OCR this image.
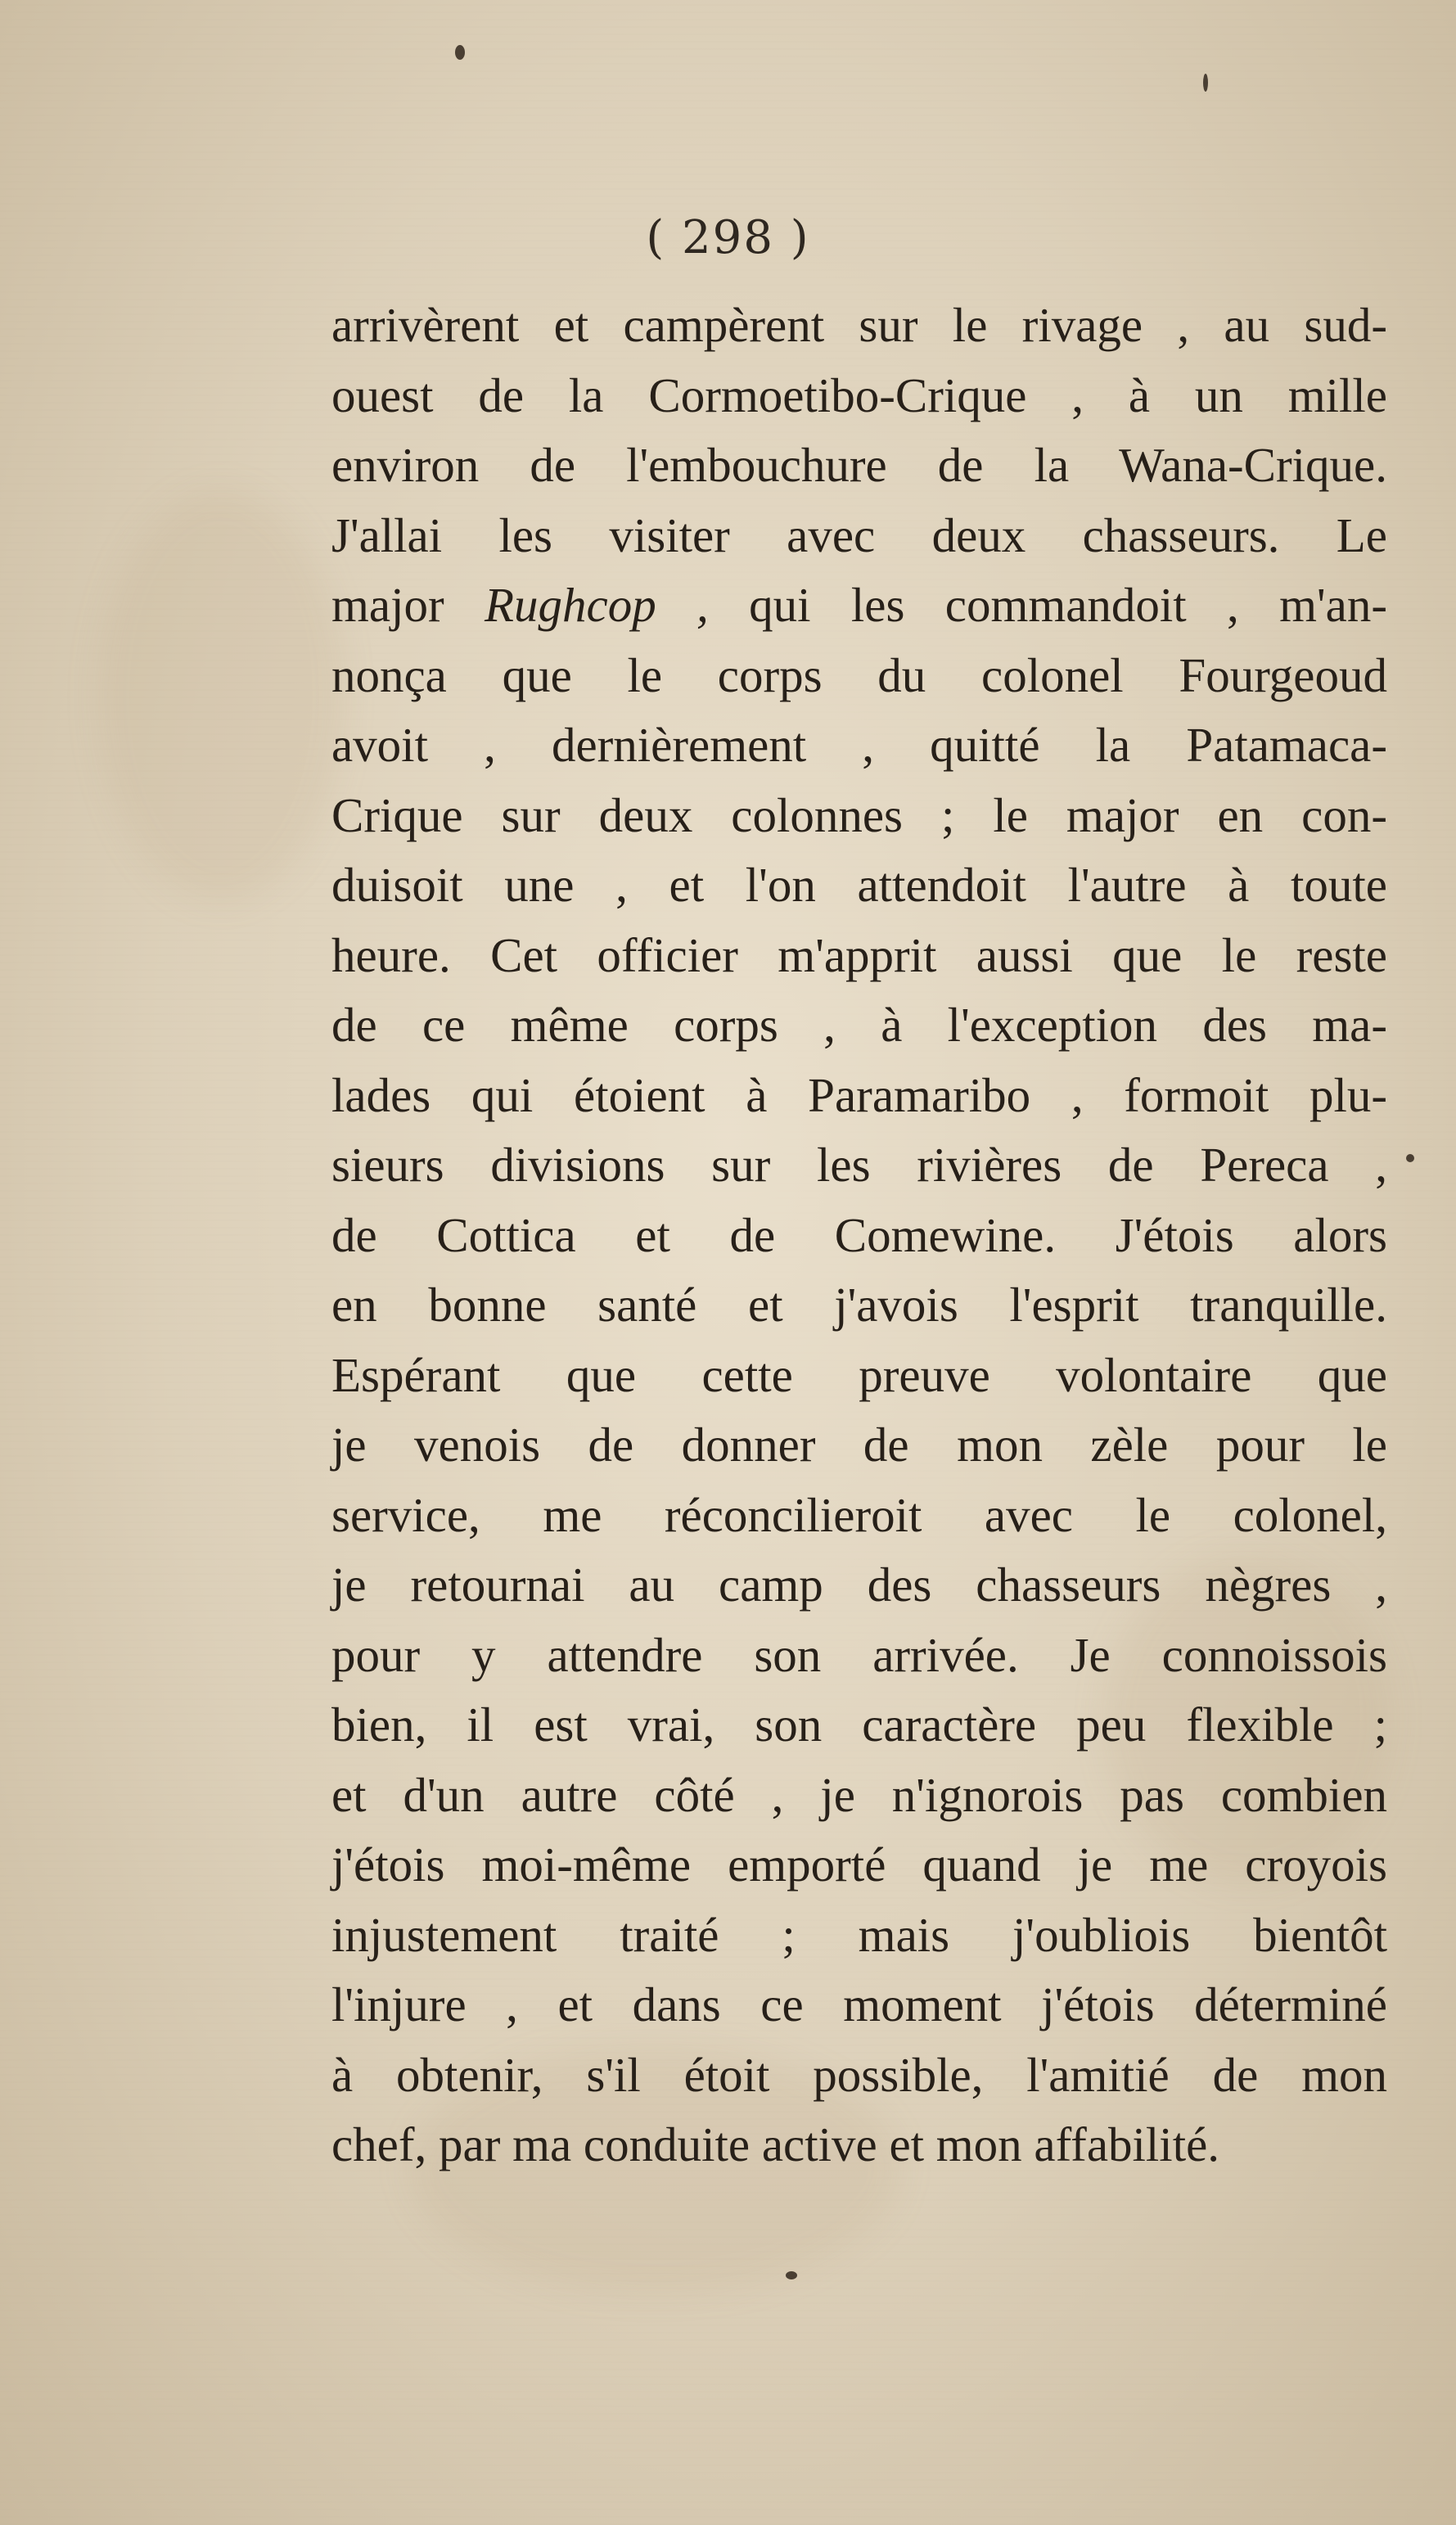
( 298 )
arrivèrent et campèrent sur le rivage , au sud-
ouest de la Cormoetibo-Crique , à un mille
environ de l'embouchure de la Wana-Crique.
J'allai les visiter avec deux chasseurs. Le
major Rughcop , qui les commandoit , m'an-
nonça que le corps du colonel Fourgeoud
avoit , dernièrement , quitté la Patamaca-
Crique sur deux colonnes ; le major en con-
duisoit une , et l'on attendoit l'autre à toute
heure. Cet officier m'apprit aussi que le reste
de ce même corps , à l'exception des ma-
lades qui étoient à Paramaribo , formoit plu-
sieurs divisions sur les rivières de Pereca ,
de Cottica et de Comewine. J'étois alors
en bonne santé et j'avois l'esprit tranquille.
Espérant que cette preuve volontaire que
je venois de donner de mon zèle pour le
service, me réconcilieroit avec le colonel,
je retournai au camp des chasseurs nègres ,
pour y attendre son arrivée. Je connoissois
bien, il est vrai, son caractère peu flexible ;
et d'un autre côté , je n'ignorois pas combien
j'étois moi-même emporté quand je me croyois
injustement traité ; mais j'oubliois bientôt
l'injure , et dans ce moment j'étois déterminé
à obtenir, s'il étoit possible, l'amitié de mon
chef, par ma conduite active et mon affabilité.
